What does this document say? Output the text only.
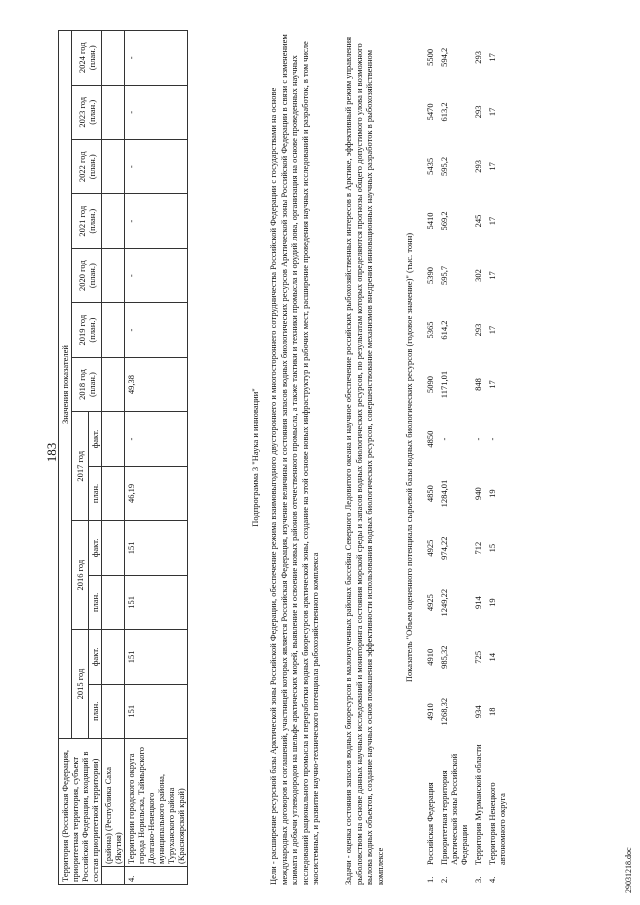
183
Территория (Российская Федерация, приоритетная территория, субъект Российской Федерации, входящий в состав приоритетной территории)		Значения показателей												
		2015 год		2016 год		2017 год		2018 год (план.)	2019 год (план.)	2020 год (план.)	2021 год (план.)	2022 год (план.)	2023 год (план.)	2024 год (план.)
		план.	факт.	план.	факт.	план.	факт.							
	(района) (Республика Саха (Якутия)													
4.	Территории городского округа города Норильска, Таймырского Долгано-Ненецкого муниципального района, Туруханского района (Красноярский край)	151	151	151	151	46,19	-	49,38	-	-	-	-	-	-
Подпрограмма 3 "Наука и инновации" Цели - расширение ресурсной базы Арктической зоны Российской Федерации, обеспечение режима взаимовыгодного двустороннего и многостороннего сотрудничества Российской Федерации с государствами на основе международных договоров и соглашений, участницей которых является Российская Федерация, изучение величины и состояния запасов водных биологических ресурсов Арктической зоны Российской Федерации в связи с изменением климата и добычи углеводородов на шельфе арктических морей, выявление и освоение новых районов отечественного промысла, а также тактики и техники промысла и орудий лова, организация на основе проведенных научных исследований рационального промысла и переработки водных биоресурсов арктической зоны, создание на этой основе новых инфраструктур и рабочих мест, расширение проведения научных исследований и разработок, в том числе экосистемных, и развитие научно-технического потенциала рыбохозяйственного комплекса	Задачи - оценка состояния запасов водных биоресурсов в малоизученных районах бассейна Северного Ледовитого океана и научное обеспечение российских рыбохозяйственных интересов в Арктике, эффективный режим управления рыболовством на основе данных научных исследований и мониторинга состояния морской среды и запасов водных биологических ресурсов, по результатам которых определяются прогнозы общего допустимого улова и возможного вылова водных объектов, создание научных основ повышения эффективности использования водных биологических ресурсов, совершенствование механизмов внедрения инновационных научных разработок в рыбохозяйственном комплексе
Показатель "Объем оцененного потенциала сырьевой базы водных биологических ресурсов (годовое значение)" (тыс. тонн)
1.	Российская Федерация	4910	4910	4925	4925	4850	4850	5090	5365	5390	5410	5435	5470	5500
2.	Приоритетная территория Арктической зоны Российской Федерации	1268,32	985,32	1249,22	974,22	1284,01	-	1171,01	614,2	595,7	569,2	595,2	613,2	594,2
3.	Территория Мурманской области	934	725	914	712	940	-	848	293	302	245	293	293	293
4.	Территория Ненецкого автономного округа	18	14	19	15	19	-	17	17	17	17	17	17	17
29031218.doc
